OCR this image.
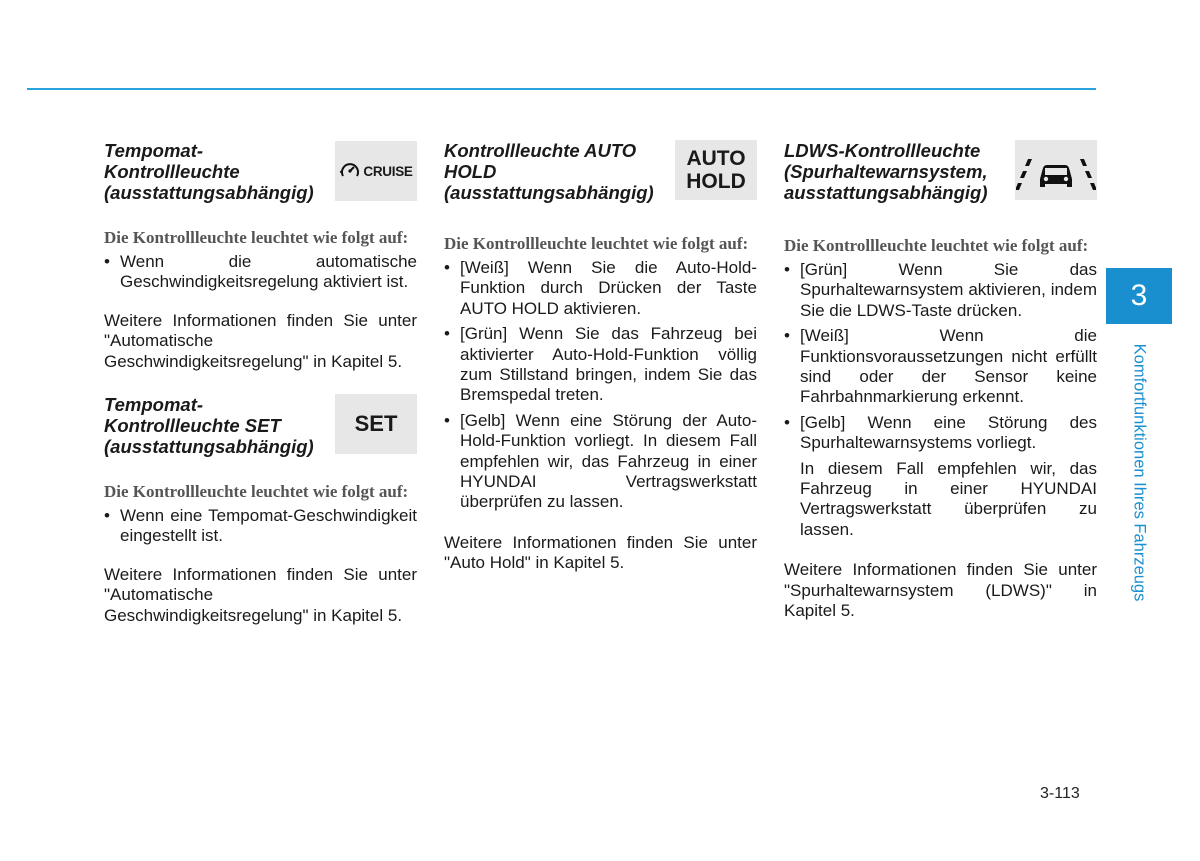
Tempomat-
Kontrollleuchte
(ausstattungsabhängig)
CRUISE

Die Kontrollleuchte leuchtet wie folgt auf:

• Wenn die automatische Geschwindigkeitsregelung aktiviert ist.

Weitere Informationen finden Sie unter "Automatische Geschwindigkeitsregelung" in Kapitel 5.

Tempomat-
Kontrollleuchte SET
(ausstattungsabhängig)
SET

Die Kontrollleuchte leuchtet wie folgt auf:

• Wenn eine Tempomat-Geschwindigkeit eingestellt ist.

Weitere Informationen finden Sie unter "Automatische Geschwindigkeitsregelung" in Kapitel 5.

Kontrollleuchte AUTO
HOLD
(ausstattungsabhängig)
AUTO
HOLD

Die Kontrollleuchte leuchtet wie folgt auf:

• [Weiß] Wenn Sie die Auto-Hold-Funktion durch Drücken der Taste AUTO HOLD aktivieren.
• [Grün] Wenn Sie das Fahrzeug bei aktivierter Auto-Hold-Funktion völlig zum Stillstand bringen, indem Sie das Bremspedal treten.
• [Gelb] Wenn eine Störung der Auto-Hold-Funktion vorliegt. In diesem Fall empfehlen wir, das Fahrzeug in einer HYUNDAI Vertragswerkstatt überprüfen zu lassen.

Weitere Informationen finden Sie unter "Auto Hold" in Kapitel 5.

LDWS-Kontrollleuchte
(Spurhaltewarnsystem,
ausstattungsabhängig)

Die Kontrollleuchte leuchtet wie folgt auf:

• [Grün] Wenn Sie das Spurhaltewarnsystem aktivieren, indem Sie die LDWS-Taste drücken.
• [Weiß] Wenn die Funktionsvoraussetzungen nicht erfüllt sind oder der Sensor keine Fahrbahnmarkierung erkennt.
• [Gelb] Wenn eine Störung des Spurhaltewarnsystems vorliegt.

In diesem Fall empfehlen wir, das Fahrzeug in einer HYUNDAI Vertragswerkstatt überprüfen zu lassen.

Weitere Informationen finden Sie unter "Spurhaltewarnsystem (LDWS)" in Kapitel 5.

3
Komfortfunktionen Ihres Fahrzeugs
3-113
